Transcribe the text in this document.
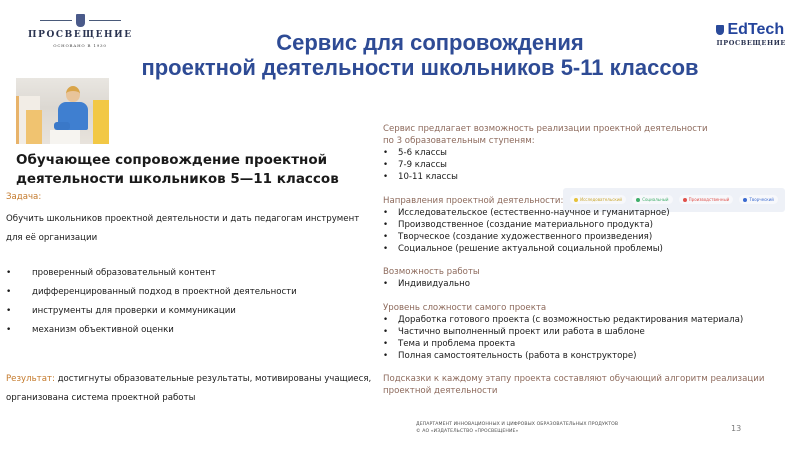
ПРОСВЕЩЕНИЕ
ОСНОВАНО В 1930
EdTech
ПРОСВЕЩЕНИЕ
Сервис для сопровождения
проектной деятельности школьников 5-11 классов
Обучающее сопровождение проектной деятельности школьников 5—11 классов
Задача:
Обучить школьников проектной деятельности и дать педагогам инструмент для её организации
• проверенный образовательный контент
• дифференцированный подход в проектной деятельности
• инструменты для проверки и коммуникации
• механизм объективной оценки
Результат: достигнуты образовательные результаты, мотивированы учащиеся, организована система проектной работы
Сервис предлагает возможность реализации проектной деятельности
по 3 образовательным ступеням:
• 5-6 классы
• 7-9 классы
• 10-11 классы
Направления проектной деятельности:	Исследовательский	Социальный	Производственный	Творческий
• Исследовательское (естественно-научное и гуманитарное)
• Производственное (создание материального продукта)
• Творческое (создание художественного произведения)
• Социальное (решение актуальной социальной проблемы)
Возможность работы
• Индивидуально
Уровень сложности самого проекта
• Доработка готового проекта (с возможностью редактирования материала)
• Частично выполненный проект или работа в шаблоне
• Тема и проблема проекта
• Полная самостоятельность (работа в конструкторе)
Подсказки к каждому этапу проекта составляют обучающий алгоритм реализации проектной деятельности
ДЕПАРТАМЕНТ ИННОВАЦИОННЫХ И ЦИФРОВЫХ ОБРАЗОВАТЕЛЬНЫХ ПРОДУКТОВ
© АО «ИЗДАТЕЛЬСТВО «ПРОСВЕЩЕНИЕ»	13
